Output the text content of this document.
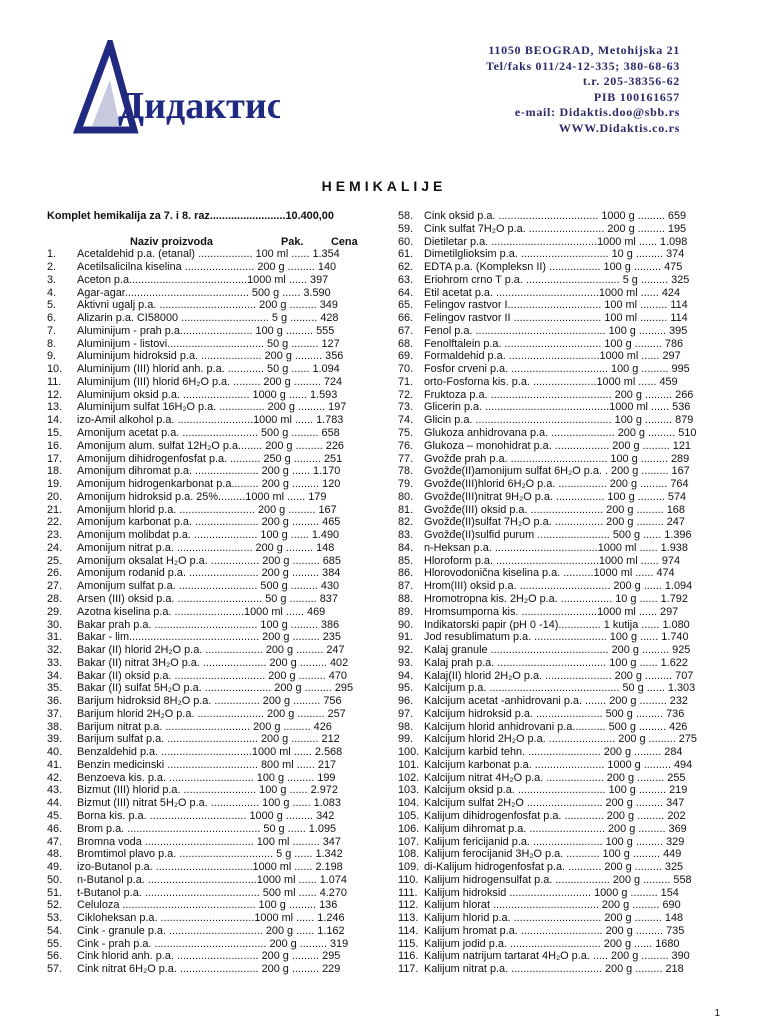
Дидактис
11050 BEOGRAD, Metohijska 21
Tel/faks 011/24-12-335; 380-68-63
t.r. 205-38356-62
PIB 100161657
e-mail: Didaktis.doo@sbb.rs
WWW.Didaktis.co.rs
HEMIKALIJE
Komplet hemikalija za 7. i 8. raz.........................10.400,00
Naziv proizvoda	Pak.	Cena
1. Acetaldehid p.a. (etanal) .................. 100 ml ...... 1.354
2. Acetilsalicilna kiselina ....................... 200 g ......... 140
3. Aceton p.a.......................................1000 ml ...... 397
4. Agar-agar......................................... 500 g ...... 3.590
5. Aktivni ugalj p.a. ................................ 200 g ......... 349
6. Alizarin p.a. CI58000 ............................. 5 g ......... 428
7. Aluminijum - prah p.a........................ 100 g ......... 555
8. Aluminijum - listovi................................ 50 g ......... 127
9. Aluminijum hidroksid p.a. .................... 200 g ......... 356
10. Aluminijum (III) hlorid anh. p.a. ............ 50 g ...... 1.094
11. Aluminijum (III) hlorid 6H₂O p.a. ......... 200 g ......... 724
12. Aluminijum oksid p.a. ...................... 1000 g ...... 1.593
13. Aluminijum sulfat 16H₂O p.a. ............... 200 g ......... 197
14. izo-Amil alkohol p.a. .........................1000 ml ...... 1.783
15. Amonijum acetat p.a. ......................... 500 g ......... 658
16. Amonijum alum. sulfat 12H₂O p.a........ 200 g ......... 226
17. Amonijum dihidrogenfosfat p.a. .......... 250 g ......... 251
18. Amonijum dihromat p.a. ..................... 200 g ...... 1.170
19. Amonijum hidrogenkarbonat p.a......... 200 g ......... 120
20. Amonijum hidroksid p.a. 25%.........1000 ml ...... 179
21. Amonijum hlorid p.a. ......................... 200 g ......... 167
22. Amonijum karbonat p.a. ..................... 200 g ......... 465
23. Amonijum molibdat p.a. ..................... 100 g ...... 1.490
24. Amonijum nitrat p.a. ......................... 200 g ......... 148
25. Amonijum oksalat H₂O p.a. ................ 200 g ......... 685
26. Amonijum rodanid p.a. ....................... 200 g ......... 384
27. Amonijum sulfat p.a. .......................... 500 g ......... 430
28. Arsen (III) oksid p.a. ............................ 50 g ......... 837
29. Azotna kiselina p.a. .......................1000 ml ...... 469
30. Bakar prah p.a. .................................. 100 g ......... 386
31. Bakar - lim........................................... 200 g ......... 235
32. Bakar (II) hlorid 2H₂O p.a. ................... 200 g ......... 247
33. Bakar (II) nitrat 3H₂O p.a. ..................... 200 g ......... 402
34. Bakar (II) oksid p.a. .............................. 200 g ......... 470
35. Bakar (II) sulfat 5H₂O p.a. ...................... 200 g ......... 295
36. Barijum hidroksid 8H₂O p.a. ............... 200 g ......... 756
37. Barijum hlorid 2H₂O p.a. ...................... 200 g ......... 257
38. Barijum nitrat p.a. ............................ 200 g ......... 426
39. Barijum sulfat p.a. .............................. 200 g ......... 212
40. Benzaldehid p.a. ..............................1000 ml ...... 2.568
41. Benzin medicinski .............................. 800 ml ...... 217
42. Benzoeva kis. p.a. ............................ 100 g ......... 199
43. Bizmut (III) hlorid p.a. ........................ 100 g ...... 2.972
44. Bizmut (III) nitrat 5H₂O p.a. ................ 100 g ...... 1.083
45. Borna kis. p.a. ................................ 1000 g ......... 342
46. Brom p.a. ............................................ 50 g ...... 1.095
47. Bromna voda .................................... 100 ml ......... 347
48. Bromtimol plavo p.a. ............................... 5 g ...... 1.342
49. izo-Butanol p.a. ................................1000 ml ...... 2.198
50. n-Butanol p.a. ....................................1000 ml ...... 1.074
51. t-Butanol p.a. ...................................... 500 ml ...... 4.270
52. Celuloza ............................................ 100 g ......... 136
53. Cikloheksan p.a. ...............................1000 ml ...... 1.246
54. Cink - granule p.a. ............................... 200 g ...... 1.162
55. Cink - prah p.a. ..................................... 200 g ......... 319
56. Cink hlorid anh. p.a. ........................... 200 g ......... 295
57. Cink nitrat 6H₂O p.a. .......................... 200 g ......... 229
58. Cink oksid p.a. ................................. 1000 g ......... 659
59. Cink sulfat 7H₂O p.a. ......................... 200 g ......... 195
60. Dietiletar p.a. ...................................1000 ml ...... 1.098
61. Dimetilglioksim p.a. ............................. 10 g ......... 374
62. EDTA p.a. (Kompleksn II) ................. 100 g ......... 475
63. Eriohrom crno T p.a. ............................... 5 g ......... 325
64. Etil acetat p.a. ..................................1000 ml ...... 424
65. Felingov rastvor I............................... 100 ml ......... 114
66. Felingov rastvor II ............................. 100 ml ......... 114
67. Fenol p.a. ........................................... 100 g ......... 395
68. Fenolftalein p.a. ................................ 100 g ......... 786
69. Formaldehid p.a. ..............................1000 ml ...... 297
70. Fosfor crveni p.a. ................................ 100 g ......... 995
71. orto-Fosforna kis. p.a. .....................1000 ml ...... 459
72. Fruktoza p.a. ........................................ 200 g ......... 266
73. Glicerin p.a. .........................................1000 ml ...... 536
74. Glicin p.a. ............................................. 100 g ......... 879
75. Glukoza anhidrovana p.a. ..................... 200 g ......... 510
76. Glukoza – monohidrat p.a. .................. 200 g ......... 121
77. Gvožđe prah p.a. ................................ 100 g ......... 289
78. Gvožđe(II)amonijum sulfat 6H₂O p.a. . 200 g ......... 167
79. Gvožđe(III)hlorid 6H₂O p.a. ................ 200 g ......... 764
80. Gvožđe(III)nitrat 9H₂O p.a. ................ 100 g ......... 574
81. Gvožđe(III) oksid p.a. ........................ 200 g ......... 168
82. Gvožđe(II)sulfat 7H₂O p.a. ................ 200 g ......... 247
83. Gvožđe(II)sulfid purum ........................ 500 g ...... 1.396
84. n-Heksan p.a. ..................................1000 ml ...... 1.938
85. Hloroform p.a. ..................................1000 ml ...... 974
86. Hlorovodonična kiselina p.a. ..........1000 ml ...... 474
87. Hrom(III) oksid p.a. .............................. 200 g ...... 1.094
88. Hromotropna kis. 2H₂O p.a. ................. 10 g ...... 1.792
89. Hromsumporna kis. .........................1000 ml ...... 297
90. Indikatorski papir (pH 0 -14).............. 1 kutija ...... 1.080
91. Jod resublimatum p.a. ........................ 100 g ...... 1.740
92. Kalaj granule ....................................... 200 g ......... 925
93. Kalaj prah p.a. .................................... 100 g ...... 1.622
94. Kalaj(II) hlorid 2H₂O p.a. ...................... 200 g ......... 707
95. Kalcijum p.a. ........................................... 50 g ...... 1.303
96. Kalcijum acetat -anhidrovani p.a. ....... 200 g ......... 232
97. Kalcijum hidroksid p.a. ...................... 500 g ......... 736
98. Kalcijum hlorid anhidrovani p.a........... 500 g ......... 426
99. Kalcijum hlorid 2H₂O p.a. ...................... 200 g ......... 275
100. Kalcijum karbid tehn. ........................ 200 g ......... 284
101. Kalcijum karbonat p.a. ....................... 1000 g ......... 494
102. Kalcijum nitrat 4H₂O p.a. ................... 200 g ......... 255
103. Kalcijum oksid p.a. ............................. 100 g ......... 219
104. Kalcijum sulfat 2H₂O ......................... 200 g ......... 347
105. Kalijum dihidrogenfosfat p.a. ............. 200 g ......... 202
106. Kalijum dihromat p.a. ......................... 200 g ......... 369
107. Kalijum fericijanid p.a. ....................... 100 g ......... 329
108. Kalijum ferocijanid 3H₂O p.a. ........... 100 g ......... 449
109. di-Kalijum hidrogenfosfat p.a. ........... 200 g ......... 325
110. Kalijum hidrogensulfat p.a. .................. 200 g ......... 558
111. Kalijum hidroksid ........................... 1000 g ......... 154
112. Kalijum hlorat ................................... 200 g ......... 690
113. Kalijum hlorid p.a. ............................. 200 g ......... 148
114. Kalijum hromat p.a. ........................... 200 g ......... 735
115. Kalijum jodid p.a. .............................. 200 g ...... 1680
116. Kalijum natrijum tartarat 4H₂O p.a. ..... 200 g ......... 390
117. Kalijum nitrat p.a. .............................. 200 g ......... 218
1
